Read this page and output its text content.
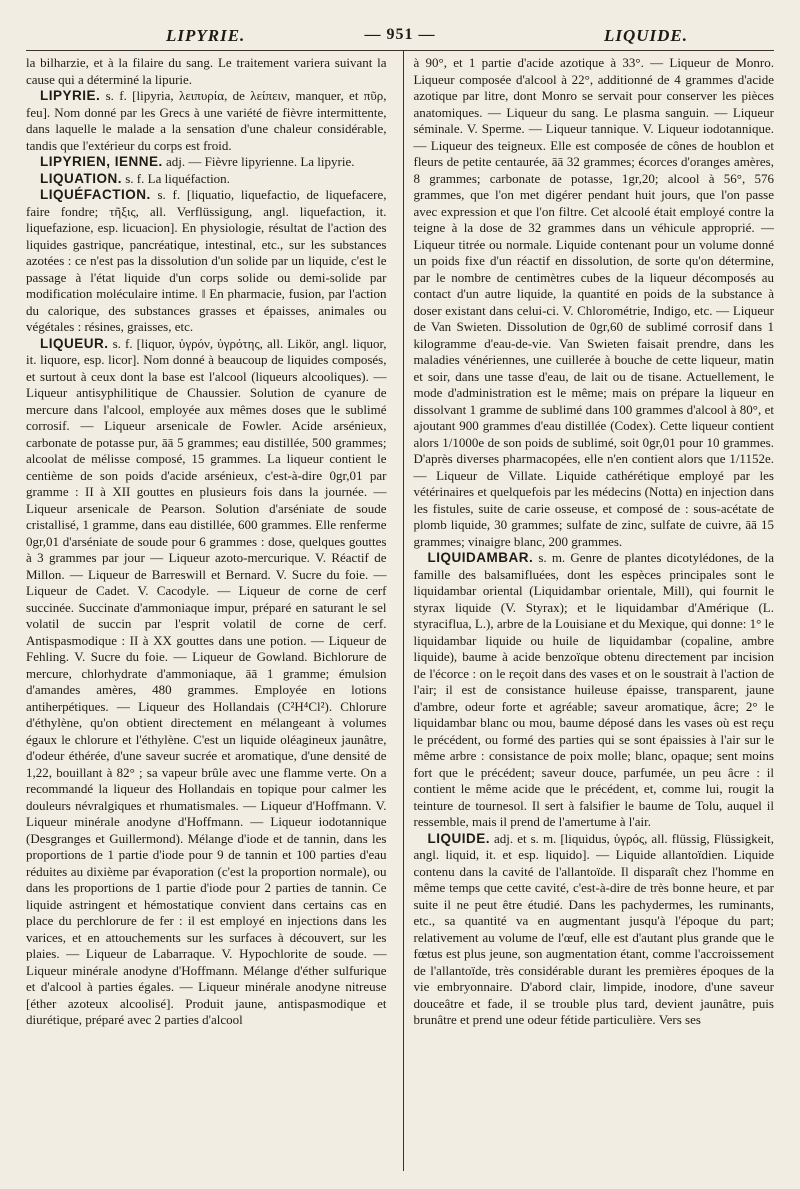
LIPYRIE.	— 951 —	LIQUIDE.

la bilharzie, et à la filaire du sang. Le traitement variera suivant la cause qui a déterminé la lipurie.

LIPYRIE. s. f. [lipyria, λειπυρία, de λείπειν, manquer, et πῦρ, feu]. Nom donné par les Grecs à une variété de fièvre intermittente, dans laquelle le malade a la sensation d'une chaleur considérable, tandis que l'extérieur du corps est froid.

LIPYRIEN, IENNE. adj. — Fièvre lipyrienne. La lipyrie.

LIQUATION. s. f. La liquéfaction.

LIQUÉFACTION. s. f. [liquatio, liquefactio, de liquefacere, faire fondre; τῆξις, all. Verflüssigung, angl. liquefaction, it. liquefazione, esp. licuacion]. En physiologie, résultat de l'action des liquides gastrique, pancréatique, intestinal, etc., sur les substances azotées : ce n'est pas la dissolution d'un solide par un liquide, c'est le passage à l'état liquide d'un corps solide ou demi-solide par modification moléculaire intime. ‖ En pharmacie, fusion, par l'action du calorique, des substances grasses et épaisses, animales ou végétales : résines, graisses, etc.

LIQUEUR. s. f. [liquor, ὑγρόν, ὑγρότης, all. Likör, angl. liquor, it. liquore, esp. licor]. Nom donné à beaucoup de liquides composés, et surtout à ceux dont la base est l'alcool (liqueurs alcooliques). — Liqueur antisyphilitique de Chaussier. Solution de cyanure de mercure dans l'alcool, employée aux mêmes doses que le sublimé corrosif. — Liqueur arsenicale de Fowler. Acide arsénieux, carbonate de potasse pur, āā 5 grammes; eau distillée, 500 grammes; alcoolat de mélisse composé, 15 grammes. La liqueur contient le centième de son poids d'acide arsénieux, c'est-à-dire 0gr,01 par gramme : II à XII gouttes en plusieurs fois dans la journée. — Liqueur arsenicale de Pearson. Solution d'arséniate de soude cristallisé, 1 gramme, dans eau distillée, 600 grammes. Elle renferme 0gr,01 d'arséniate de soude pour 6 grammes : dose, quelques gouttes à 3 grammes par jour — Liqueur azoto-mercurique. V. Réactif de Millon. — Liqueur de Barreswill et Bernard. V. Sucre du foie. — Liqueur de Cadet. V. Cacodyle. — Liqueur de corne de cerf succinée. Succinate d'ammoniaque impur, préparé en saturant le sel volatil de succin par l'esprit volatil de corne de cerf. Antispasmodique : II à XX gouttes dans une potion. — Liqueur de Fehling. V. Sucre du foie. — Liqueur de Gowland. Bichlorure de mercure, chlorhydrate d'ammoniaque, āā 1 gramme; émulsion d'amandes amères, 480 grammes. Employée en lotions antiherpétiques. — Liqueur des Hollandais (C²H⁴Cl²). Chlorure d'éthylène, qu'on obtient directement en mélangeant à volumes égaux le chlorure et l'éthylène. C'est un liquide oléagineux jaunâtre, d'odeur éthérée, d'une saveur sucrée et aromatique, d'une densité de 1,22, bouillant à 82° ; sa vapeur brûle avec une flamme verte. On a recommandé la liqueur des Hollandais en topique pour calmer les douleurs névralgiques et rhumatismales. — Liqueur d'Hoffmann. V. Liqueur minérale anodyne d'Hoffmann. — Liqueur iodotannique (Desgranges et Guillermond). Mélange d'iode et de tannin, dans les proportions de 1 partie d'iode pour 9 de tannin et 100 parties d'eau réduites au dixième par évaporation (c'est la proportion normale), ou dans les proportions de 1 partie d'iode pour 2 parties de tannin. Ce liquide astringent et hémostatique convient dans certains cas en place du perchlorure de fer : il est employé en injections dans les varices, et en attouchements sur les surfaces à découvert, sur les plaies. — Liqueur de Labarraque. V. Hypochlorite de soude. — Liqueur minérale anodyne d'Hoffmann. Mélange d'éther sulfurique et d'alcool à parties égales. — Liqueur minérale anodyne nitreuse [éther azoteux alcoolisé]. Produit jaune, antispasmodique et diurétique, préparé avec 2 parties d'alcool

à 90°, et 1 partie d'acide azotique à 33°. — Liqueur de Monro. Liqueur composée d'alcool à 22°, additionné de 4 grammes d'acide azotique par litre, dont Monro se servait pour conserver les pièces anatomiques. — Liqueur du sang. Le plasma sanguin. — Liqueur séminale. V. Sperme. — Liqueur tannique. V. Liqueur iodotannique. — Liqueur des teigneux. Elle est composée de cônes de houblon et fleurs de petite centaurée, āā 32 grammes; écorces d'oranges amères, 8 grammes; carbonate de potasse, 1gr,20; alcool à 56°, 576 grammes, que l'on met digérer pendant huit jours, que l'on passe avec expression et que l'on filtre. Cet alcoolé était employé contre la teigne à la dose de 32 grammes dans un véhicule approprié. — Liqueur titrée ou normale. Liquide contenant pour un volume donné un poids fixe d'un réactif en dissolution, de sorte qu'on détermine, par le nombre de centimètres cubes de la liqueur décomposés au contact d'un autre liquide, la quantité en poids de la substance à doser existant dans celui-ci. V. Chlorométrie, Indigo, etc. — Liqueur de Van Swieten. Dissolution de 0gr,60 de sublimé corrosif dans 1 kilogramme d'eau-de-vie. Van Swieten faisait prendre, dans les maladies vénériennes, une cuillerée à bouche de cette liqueur, matin et soir, dans une tasse d'eau, de lait ou de tisane. Actuellement, le mode d'administration est le même; mais on prépare la liqueur en dissolvant 1 gramme de sublimé dans 100 grammes d'alcool à 80°, et ajoutant 900 grammes d'eau distillée (Codex). Cette liqueur contient alors 1/1000e de son poids de sublimé, soit 0gr,01 pour 10 grammes. D'après diverses pharmacopées, elle n'en contient alors que 1/1152e. — Liqueur de Villate. Liquide cathérétique employé par les vétérinaires et quelquefois par les médecins (Notta) en injection dans les fistules, suite de carie osseuse, et composé de : sous-acétate de plomb liquide, 30 grammes; sulfate de zinc, sulfate de cuivre, āā 15 grammes; vinaigre blanc, 200 grammes.

LIQUIDAMBAR. s. m. Genre de plantes dicotylédones, de la famille des balsamifluées, dont les espèces principales sont le liquidambar oriental (Liquidambar orientale, Mill), qui fournit le styrax liquide (V. Styrax); et le liquidambar d'Amérique (L. styraciflua, L.), arbre de la Louisiane et du Mexique, qui donne: 1° le liquidambar liquide ou huile de liquidambar (copaline, ambre liquide), baume à acide benzoïque obtenu directement par incision de l'écorce : on le reçoit dans des vases et on le soustrait à l'action de l'air; il est de consistance huileuse épaisse, transparent, jaune d'ambre, odeur forte et agréable; saveur aromatique, âcre; 2° le liquidambar blanc ou mou, baume déposé dans les vases où est reçu le précédent, ou formé des parties qui se sont épaissies à l'air sur le même arbre : consistance de poix molle; blanc, opaque; sent moins fort que le précédent; saveur douce, parfumée, un peu âcre : il contient le même acide que le précédent, et, comme lui, rougit la teinture de tournesol. Il sert à falsifier le baume de Tolu, auquel il ressemble, mais il prend de l'amertume à l'air.

LIQUIDE. adj. et s. m. [liquidus, ὑγρός, all. flüssig, Flüssigkeit, angl. liquid, it. et esp. liquido]. — Liquide allantoïdien. Liquide contenu dans la cavité de l'allantoïde. Il disparaît chez l'homme en même temps que cette cavité, c'est-à-dire de très bonne heure, et par suite il ne peut être étudié. Dans les pachydermes, les ruminants, etc., sa quantité va en augmentant jusqu'à l'époque du part; relativement au volume de l'œuf, elle est d'autant plus grande que le fœtus est plus jeune, son augmentation étant, comme l'accroissement de l'allantoïde, très considérable durant les premières époques de la vie embryonnaire. D'abord clair, limpide, inodore, d'une saveur douceâtre et fade, il se trouble plus tard, devient jaunâtre, puis brunâtre et prend une odeur fétide particulière. Vers ses
